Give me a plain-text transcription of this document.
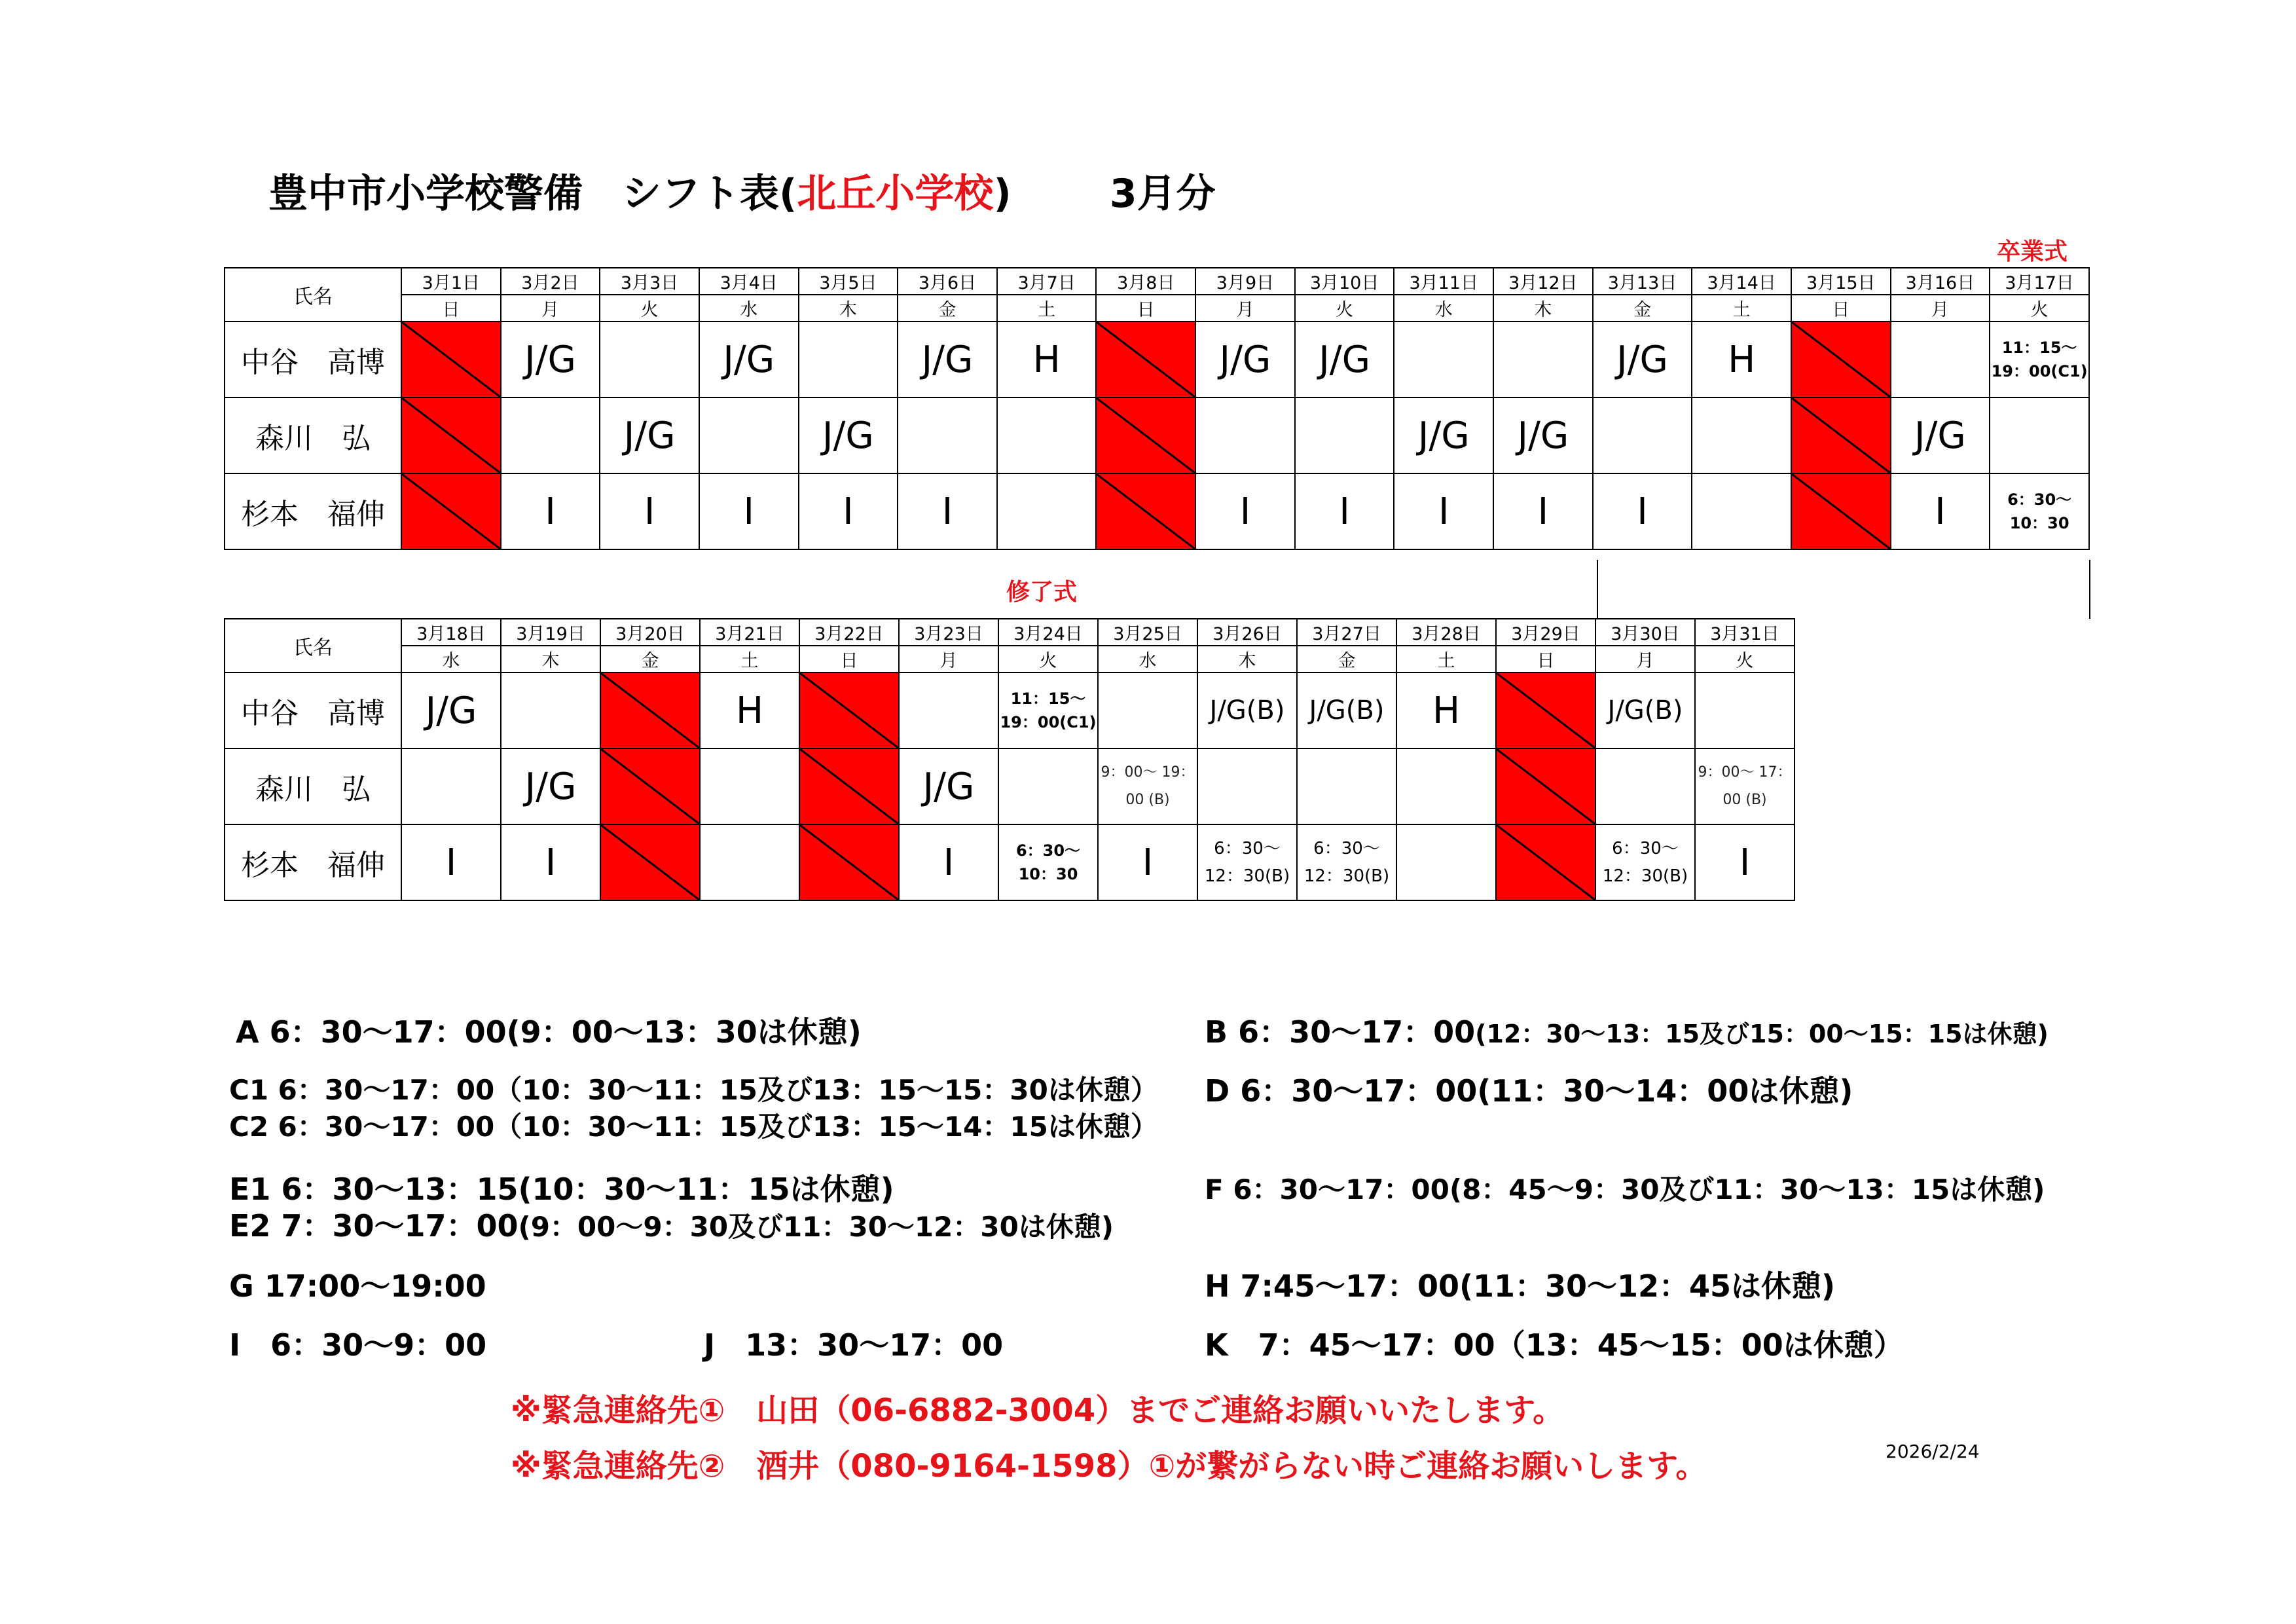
豊中市小学校警備　シフト表(北丘小学校)	3月分
卒業式
修了式
氏名	3月1日	3月2日	3月3日	3月4日	3月5日	3月6日	3月7日	3月8日	3月9日	3月10日	3月11日	3月12日	3月13日	3月14日	3月15日	3月16日	3月17日
	日	月	火	水	木	金	土	日	月	火	水	木	金	土	日	月	火
中谷　高博		J/G		J/G		J/G	H		J/G	J/G			J/G	H			11：15～ 19：00(C1)
森川　弘			J/G		J/G						J/G	J/G				J/G	
杉本　福伸		I	I	I	I	I			I	I	I	I	I			I	6：30～ 10：30
氏名	3月18日	3月19日	3月20日	3月21日	3月22日	3月23日	3月24日	3月25日	3月26日	3月27日	3月28日	3月29日	3月30日	3月31日
	水	木	金	土	日	月	火	水	木	金	土	日	月	火
中谷　高博	J/G			H			11：15～ 19：00(C1)		J/G(B)	J/G(B)	H		J/G(B)	
森川　弘		J/G				J/G		9：00～ 19：00 (B)						9：00～ 17：00 (B)
杉本　福伸	I	I				I	6：30～ 10：30	I	6：30～ 12：30(B)	6：30～ 12：30(B)			6：30～ 12：30(B)	I
A 6：30～17：00(9：00～13：30は休憩)	B 6：30～17：00(12：30～13：15及び15：00～15：15は休憩)
C1 6：30～17：00（10：30～11：15及び13：15～15：30は休憩）
C2 6：30～17：00（10：30～11：15及び13：15～14：15は休憩）
D 6：30～17：00(11：30～14：00は休憩)
E1 6：30～13：15(10：30～11：15は休憩)
E2 7：30～17：00(9：00～9：30及び11：30～12：30は休憩)
F 6：30～17：00(8：45～9：30及び11：30～13：15は休憩)
G 17:00～19:00	H 7:45～17：00(11：30～12：45は休憩)
I　6：30～9：00	J　13：30～17：00	K　7：45～17：00（13：45～15：00は休憩）
※緊急連絡先①　山田（06-6882-3004）までご連絡お願いいたします。
※緊急連絡先②　酒井（080-9164-1598）①が繋がらない時ご連絡お願いします。	2026/2/24
